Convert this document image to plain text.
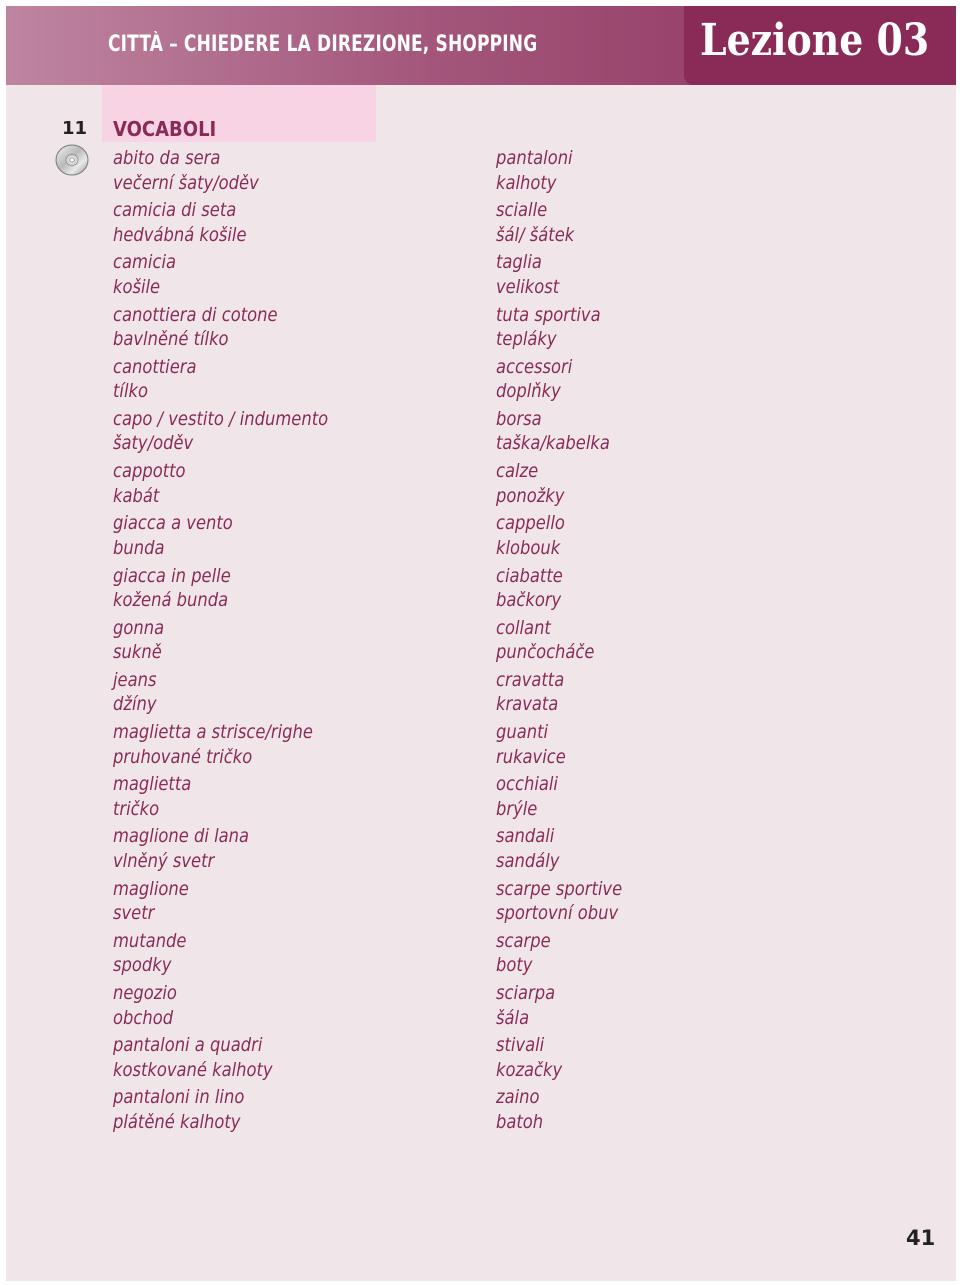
CITTÀ – CHIEDERE LA DIREZIONE, SHOPPING	Lezione 03
11 VOCABOLI
abito da sera
večerní šaty/oděv
camicia di seta
hedvábná košile
camicia
košile
canottiera di cotone
bavlněné tílko
canottiera
tílko
capo / vestito / indumento
šaty/oděv
cappotto
kabát
giacca a vento
bunda
giacca in pelle
kožená bunda
gonna
sukně
jeans
džíny
maglietta a strisce/righe
pruhované tričko
maglietta
tričko
maglione di lana
vlněný svetr
maglione
svetr
mutande
spodky
negozio
obchod
pantaloni a quadri
kostkované kalhoty
pantaloni in lino
plátěné kalhoty
pantaloni
kalhoty
scialle
šál/ šátek
taglia
velikost
tuta sportiva
tepláky
accessori
doplňky
borsa
taška/kabelka
calze
ponožky
cappello
klobouk
ciabatte
bačkory
collant
punčocháče
cravatta
kravata
guanti
rukavice
occhiali
brýle
sandali
sandály
scarpe sportive
sportovní obuv
scarpe
boty
sciarpa
šála
stivali
kozačky
zaino
batoh
41
